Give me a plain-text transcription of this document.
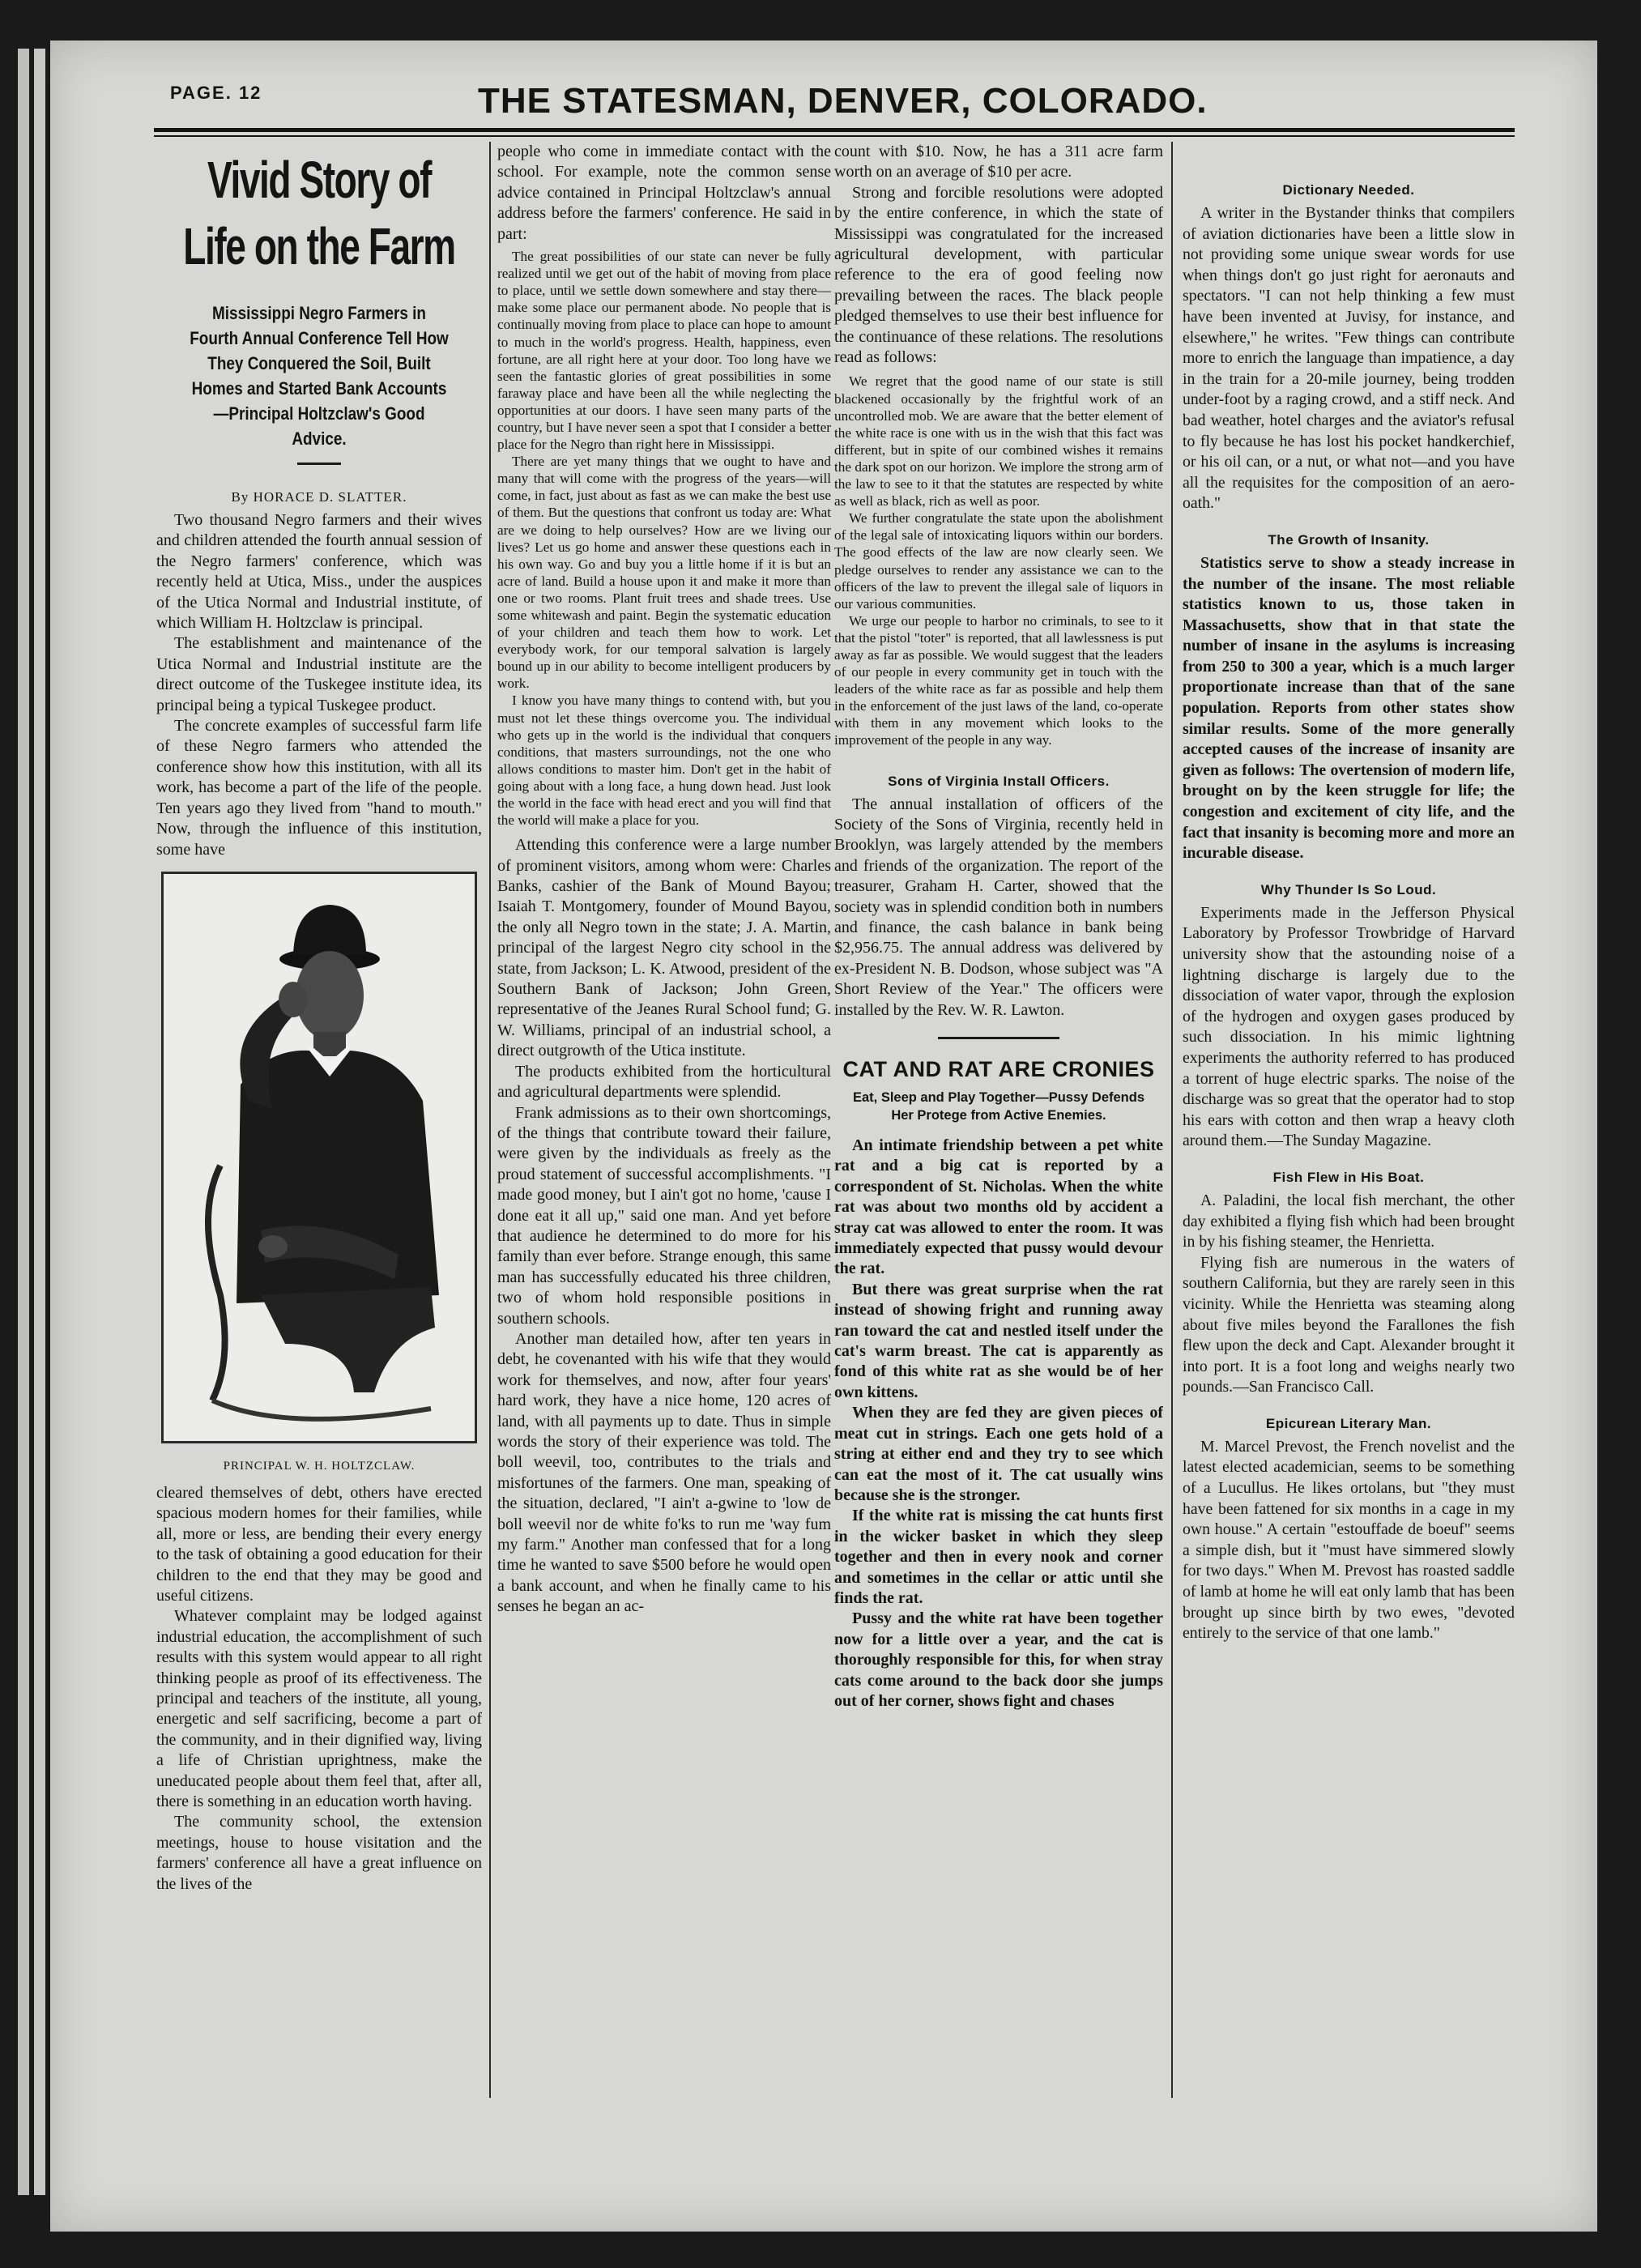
PAGE. 12	THE STATESMAN, DENVER, COLORADO.
Vivid Story of
Life on the Farm
Mississippi Negro Farmers in Fourth Annual Conference Tell How They Conquered the Soil, Built Homes and Started Bank Accounts—Principal Holtzclaw's Good Advice.
By HORACE D. SLATTER.

Two thousand Negro farmers and their wives and children attended the fourth annual session of the Negro farmers' conference, which was recently held at Utica, Miss., under the auspices of the Utica Normal and Industrial institute, of which William H. Holtzclaw is principal.

The establishment and maintenance of the Utica Normal and Industrial institute are the direct outcome of the Tuskegee institute idea, its principal being a typical Tuskegee product.

The concrete examples of successful farm life of these Negro farmers who attended the conference show how this institution, with all its work, has become a part of the life of the people. Ten years ago they lived from "hand to mouth." Now, through the influence of this institution, some have

PRINCIPAL W. H. HOLTZCLAW.

cleared themselves of debt, others have erected spacious modern homes for their families, while all, more or less, are bending their every energy to the task of obtaining a good education for their children to the end that they may be good and useful citizens.

Whatever complaint may be lodged against industrial education, the accomplishment of such results with this system would appear to all right thinking people as proof of its effectiveness. The principal and teachers of the institute, all young, energetic and self sacrificing, become a part of the community, and in their dignified way, living a life of Christian uprightness, make the uneducated people about them feel that, after all, there is something in an education worth having.

The community school, the extension meetings, house to house visitation and the farmers' conference all have a great influence on the lives of the

people who come in immediate contact with the school. For example, note the common sense advice contained in Principal Holtzclaw's annual address before the farmers' conference. He said in part:

The great possibilities of our state can never be fully realized until we get out of the habit of moving from place to place, until we settle down somewhere and stay there—make some place our permanent abode. No people that is continually moving from place to place can hope to amount to much in the world's progress. Health, happiness, even fortune, are all right here at your door. Too long have we seen the fantastic glories of great possibilities in some faraway place and have been all the while neglecting the opportunities at our doors. I have seen many parts of the country, but I have never seen a spot that I consider a better place for the Negro than right here in Mississippi.

There are yet many things that we ought to have and many that will come with the progress of the years—will come, in fact, just about as fast as we can make the best use of them. But the questions that confront us today are: What are we doing to help ourselves? How are we living our lives? Let us go home and answer these questions each in his own way. Go and buy you a little home if it is but an acre of land. Build a house upon it and make it more than one or two rooms. Plant fruit trees and shade trees. Use some whitewash and paint. Begin the systematic education of your children and teach them how to work. Let everybody work, for our temporal salvation is largely bound up in our ability to become intelligent producers by work.

I know you have many things to contend with, but you must not let these things overcome you. The individual who gets up in the world is the individual that conquers conditions, that masters surroundings, not the one who allows conditions to master him. Don't get in the habit of going about with a long face, a hung down head. Just look the world in the face with head erect and you will find that the world will make a place for you.

Attending this conference were a large number of prominent visitors, among whom were: Charles Banks, cashier of the Bank of Mound Bayou; Isaiah T. Montgomery, founder of Mound Bayou, the only all Negro town in the state; J. A. Martin, principal of the largest Negro city school in the state, from Jackson; L. K. Atwood, president of the Southern Bank of Jackson; John Green, representative of the Jeanes Rural School fund; G. W. Williams, principal of an industrial school, a direct outgrowth of the Utica institute.

The products exhibited from the horticultural and agricultural departments were splendid.

Frank admissions as to their own shortcomings, of the things that contribute toward their failure, were given by the individuals as freely as the proud statement of successful accomplishments. "I made good money, but I ain't got no home, 'cause I done eat it all up," said one man. And yet before that audience he determined to do more for his family than ever before. Strange enough, this same man has successfully educated his three children, two of whom hold responsible positions in southern schools.

Another man detailed how, after ten years in debt, he covenanted with his wife that they would work for themselves, and now, after four years' hard work, they have a nice home, 120 acres of land, with all payments up to date. Thus in simple words the story of their experience was told. The boll weevil, too, contributes to the trials and misfortunes of the farmers. One man, speaking of the situation, declared, "I ain't a-gwine to 'low de boll weevil nor de white fo'ks to run me 'way fum my farm." Another man confessed that for a long time he wanted to save $500 before he would open a bank account, and when he finally came to his senses he began an ac-

count with $10. Now, he has a 311 acre farm worth on an average of $10 per acre.

Strong and forcible resolutions were adopted by the entire conference, in which the state of Mississippi was congratulated for the increased agricultural development, with particular reference to the era of good feeling now prevailing between the races. The black people pledged themselves to use their best influence for the continuance of these relations. The resolutions read as follows:

We regret that the good name of our state is still blackened occasionally by the frightful work of an uncontrolled mob. We are aware that the better element of the white race is one with us in the wish that this fact was different, but in spite of our combined wishes it remains the dark spot on our horizon. We implore the strong arm of the law to see to it that the statutes are respected by white as well as black, rich as well as poor.

We further congratulate the state upon the abolishment of the legal sale of intoxicating liquors within our borders. The good effects of the law are now clearly seen. We pledge ourselves to render any assistance we can to the officers of the law to prevent the illegal sale of liquors in our various communities.

We urge our people to harbor no criminals, to see to it that the pistol "toter" is reported, that all lawlessness is put away as far as possible. We would suggest that the leaders of our people in every community get in touch with the leaders of the white race as far as possible and help them in the enforcement of the just laws of the land, co-operate with them in any movement which looks to the improvement of the people in any way.

Sons of Virginia Install Officers.

The annual installation of officers of the Society of the Sons of Virginia, recently held in Brooklyn, was largely attended by the members and friends of the organization. The report of the treasurer, Graham H. Carter, showed that the society was in splendid condition both in numbers and finance, the cash balance in bank being $2,956.75. The annual address was delivered by ex-President N. B. Dodson, whose subject was "A Short Review of the Year." The officers were installed by the Rev. W. R. Lawton.

CAT AND RAT ARE CRONIES
Eat, Sleep and Play Together—Pussy Defends Her Protege from Active Enemies.

An intimate friendship between a pet white rat and a big cat is reported by a correspondent of St. Nicholas. When the white rat was about two months old by accident a stray cat was allowed to enter the room. It was immediately expected that pussy would devour the rat.

But there was great surprise when the rat instead of showing fright and running away ran toward the cat and nestled itself under the cat's warm breast. The cat is apparently as fond of this white rat as she would be of her own kittens.

When they are fed they are given pieces of meat cut in strings. Each one gets hold of a string at either end and they try to see which can eat the most of it. The cat usually wins because she is the stronger.

If the white rat is missing the cat hunts first in the wicker basket in which they sleep together and then in every nook and corner and sometimes in the cellar or attic until she finds the rat.

Pussy and the white rat have been together now for a little over a year, and the cat is thoroughly responsible for this, for when stray cats come around to the back door she jumps out of her corner, shows fight and chases

Dictionary Needed.

A writer in the Bystander thinks that compilers of aviation dictionaries have been a little slow in not providing some unique swear words for use when things don't go just right for aeronauts and spectators. "I can not help thinking a few must have been invented at Juvisy, for instance, and elsewhere," he writes. "Few things can contribute more to enrich the language than impatience, a day in the train for a 20-mile journey, being trodden under-foot by a raging crowd, and a stiff neck. And bad weather, hotel charges and the aviator's refusal to fly because he has lost his pocket handkerchief, or his oil can, or a nut, or what not—and you have all the requisites for the composition of an aero-oath."

The Growth of Insanity.

Statistics serve to show a steady increase in the number of the insane. The most reliable statistics known to us, those taken in Massachusetts, show that in that state the number of insane in the asylums is increasing from 250 to 300 a year, which is a much larger proportionate increase than that of the sane population. Reports from other states show similar results. Some of the more generally accepted causes of the increase of insanity are given as follows: The overtension of modern life, brought on by the keen struggle for life; the congestion and excitement of city life, and the fact that insanity is becoming more and more an incurable disease.

Why Thunder Is So Loud.

Experiments made in the Jefferson Physical Laboratory by Professor Trowbridge of Harvard university show that the astounding noise of a lightning discharge is largely due to the dissociation of water vapor, through the explosion of the hydrogen and oxygen gases produced by such dissociation. In his mimic lightning experiments the authority referred to has produced a torrent of huge electric sparks. The noise of the discharge was so great that the operator had to stop his ears with cotton and then wrap a heavy cloth around them.—The Sunday Magazine.

Fish Flew in His Boat.

A. Paladini, the local fish merchant, the other day exhibited a flying fish which had been brought in by his fishing steamer, the Henrietta.

Flying fish are numerous in the waters of southern California, but they are rarely seen in this vicinity. While the Henrietta was steaming along about five miles beyond the Farallones the fish flew upon the deck and Capt. Alexander brought it into port. It is a foot long and weighs nearly two pounds.—San Francisco Call.

Epicurean Literary Man.

M. Marcel Prevost, the French novelist and the latest elected academician, seems to be something of a Lucullus. He likes ortolans, but "they must have been fattened for six months in a cage in my own house." A certain "estouffade de boeuf" seems a simple dish, but it "must have simmered slowly for two days." When M. Prevost has roasted saddle of lamb at home he will eat only lamb that has been brought up since birth by two ewes, "devoted entirely to the service of that one lamb."
